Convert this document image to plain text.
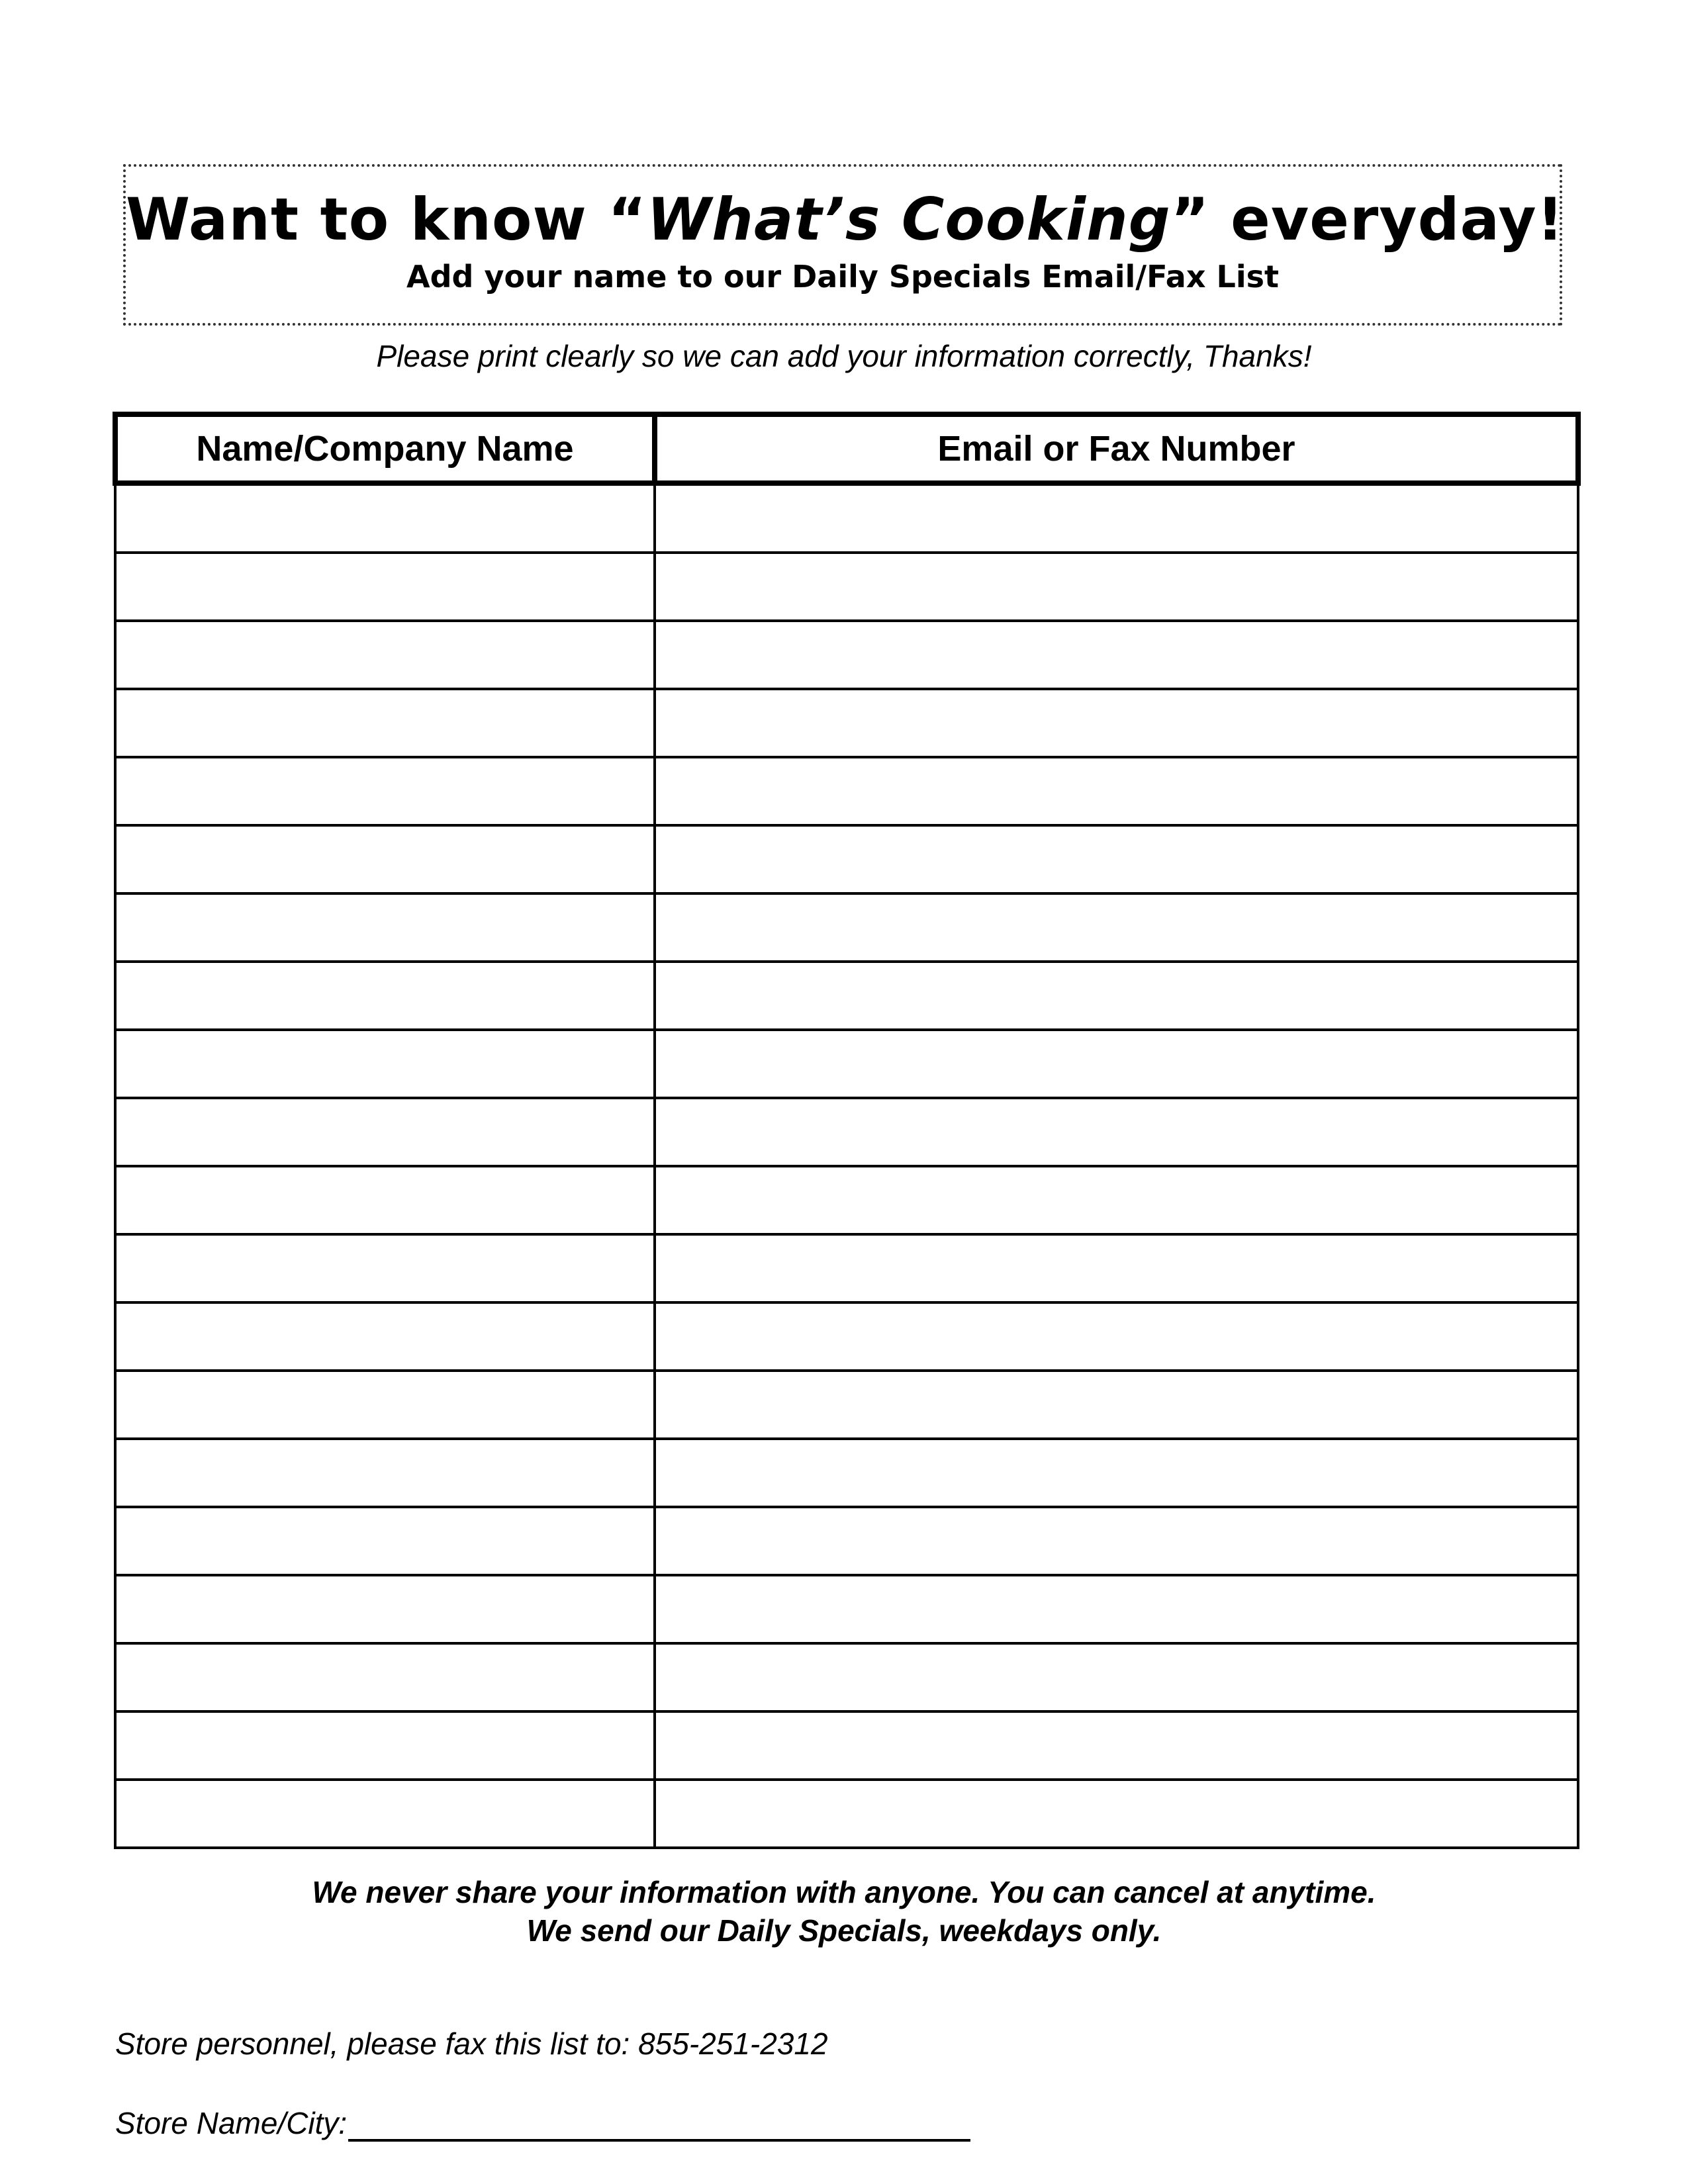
Want to know “What’s Cooking” everyday!
Add your name to our Daily Specials Email/Fax List
Please print clearly so we can add your information correctly, Thanks!
Name/Company Name	Email or Fax Number

We never share your information with anyone. You can cancel at anytime.
We send our Daily Specials, weekdays only.
Store personnel, please fax this list to: 855-251-2312
Store Name/City:
